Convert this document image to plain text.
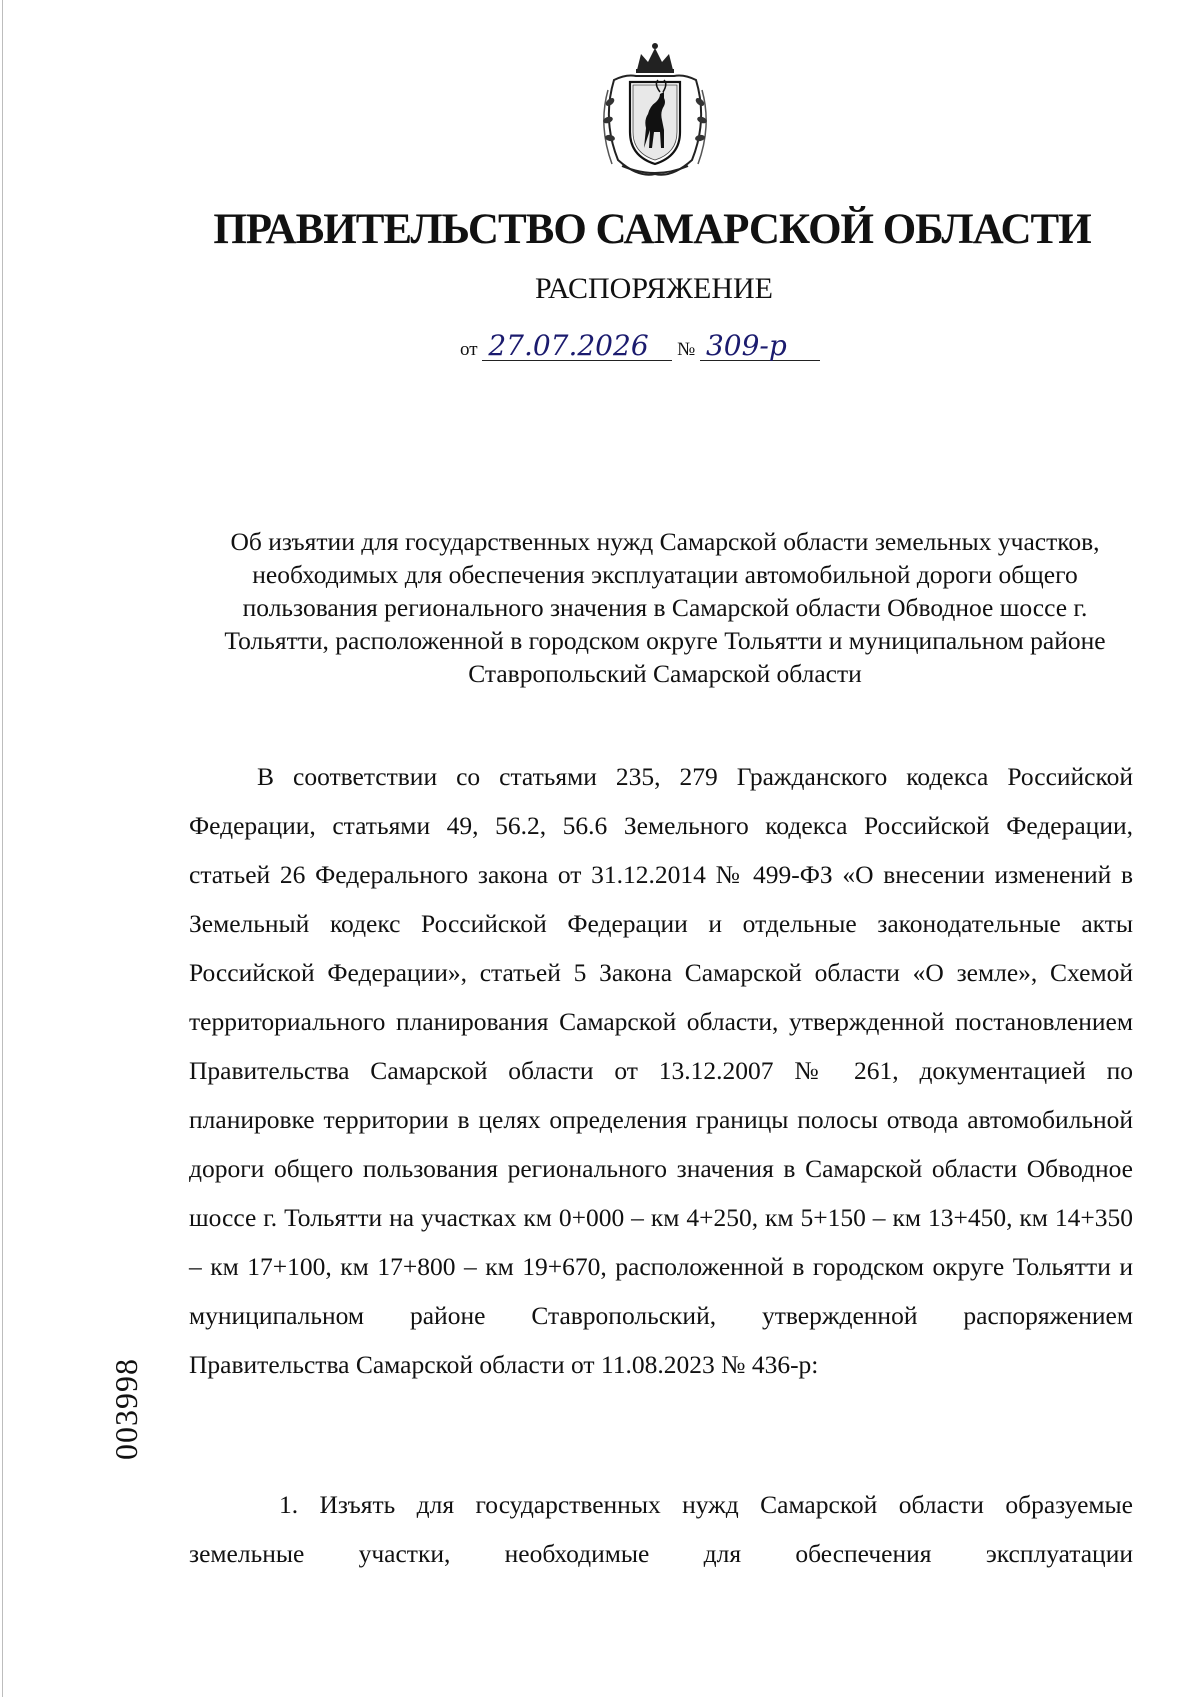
ПРАВИТЕЛЬСТВО САМАРСКОЙ ОБЛАСТИ
РАСПОРЯЖЕНИЕ
от 27.07.2026 № 309-р
Об изъятии для государственных нужд Самарской области земельных участков, необходимых для обеспечения эксплуатации автомобильной дороги общего пользования регионального значения в Самарской области Обводное шоссе г. Тольятти, расположенной в городском округе Тольятти и муниципальном районе Ставропольский Самарской области
В соответствии со статьями 235, 279 Гражданского кодекса Российской Федерации, статьями 49, 56.2, 56.6 Земельного кодекса Российской Федерации, статьей 26 Федерального закона от 31.12.2014 № 499-ФЗ «О внесении изменений в Земельный кодекс Российской Федерации и отдельные законодательные акты Российской Федерации», статьей 5 Закона Самарской области «О земле», Схемой территориального планирования Самарской области, утвержденной постановлением Правительства Самарской области от 13.12.2007 № 261, документацией по планировке территории в целях определения границы полосы отвода автомобильной дороги общего пользования регионального значения в Самарской области Обводное шоссе г. Тольятти на участках км 0+000 – км 4+250, км 5+150 – км 13+450, км 14+350 – км 17+100, км 17+800 – км 19+670, расположенной в городском округе Тольятти и муниципальном районе Ставропольский, утвержденной распоряжением Правительства Самарской области от 11.08.2023 № 436-р:
1. Изъять для государственных нужд Самарской области образуемые земельные участки, необходимые для обеспечения эксплуатации
003998
